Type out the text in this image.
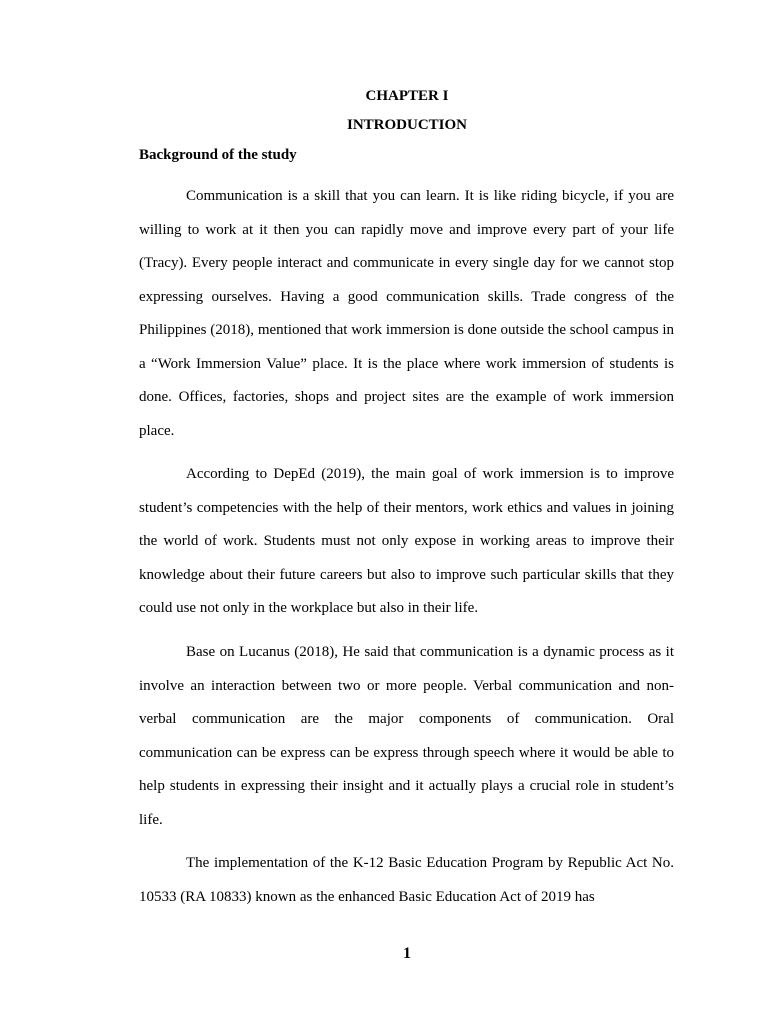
CHAPTER I
INTRODUCTION
Background of the study

Communication is a skill that you can learn. It is like riding bicycle, if you are willing to work at it then you can rapidly move and improve every part of your life (Tracy). Every people interact and communicate in every single day for we cannot stop expressing ourselves. Having a good communication skills. Trade congress of the Philippines (2018), mentioned that work immersion is done outside the school campus in a “Work Immersion Value” place. It is the place where work immersion of students is done. Offices, factories, shops and project sites are the example of work immersion place.

According to DepEd (2019), the main goal of work immersion is to improve student’s competencies with the help of their mentors, work ethics and values in joining the world of work. Students must not only expose in working areas to improve their knowledge about their future careers but also to improve such particular skills that they could use not only in the workplace but also in their life.

Base on Lucanus (2018), He said that communication is a dynamic process as it involve an interaction between two or more people. Verbal communication and non-verbal communication are the major components of communication. Oral communication can be express can be express through speech where it would be able to help students in expressing their insight and it actually plays a crucial role in student’s life.

The implementation of the K-12 Basic Education Program by Republic Act No. 10533 (RA 10833) known as the enhanced Basic Education Act of 2019 has

1
